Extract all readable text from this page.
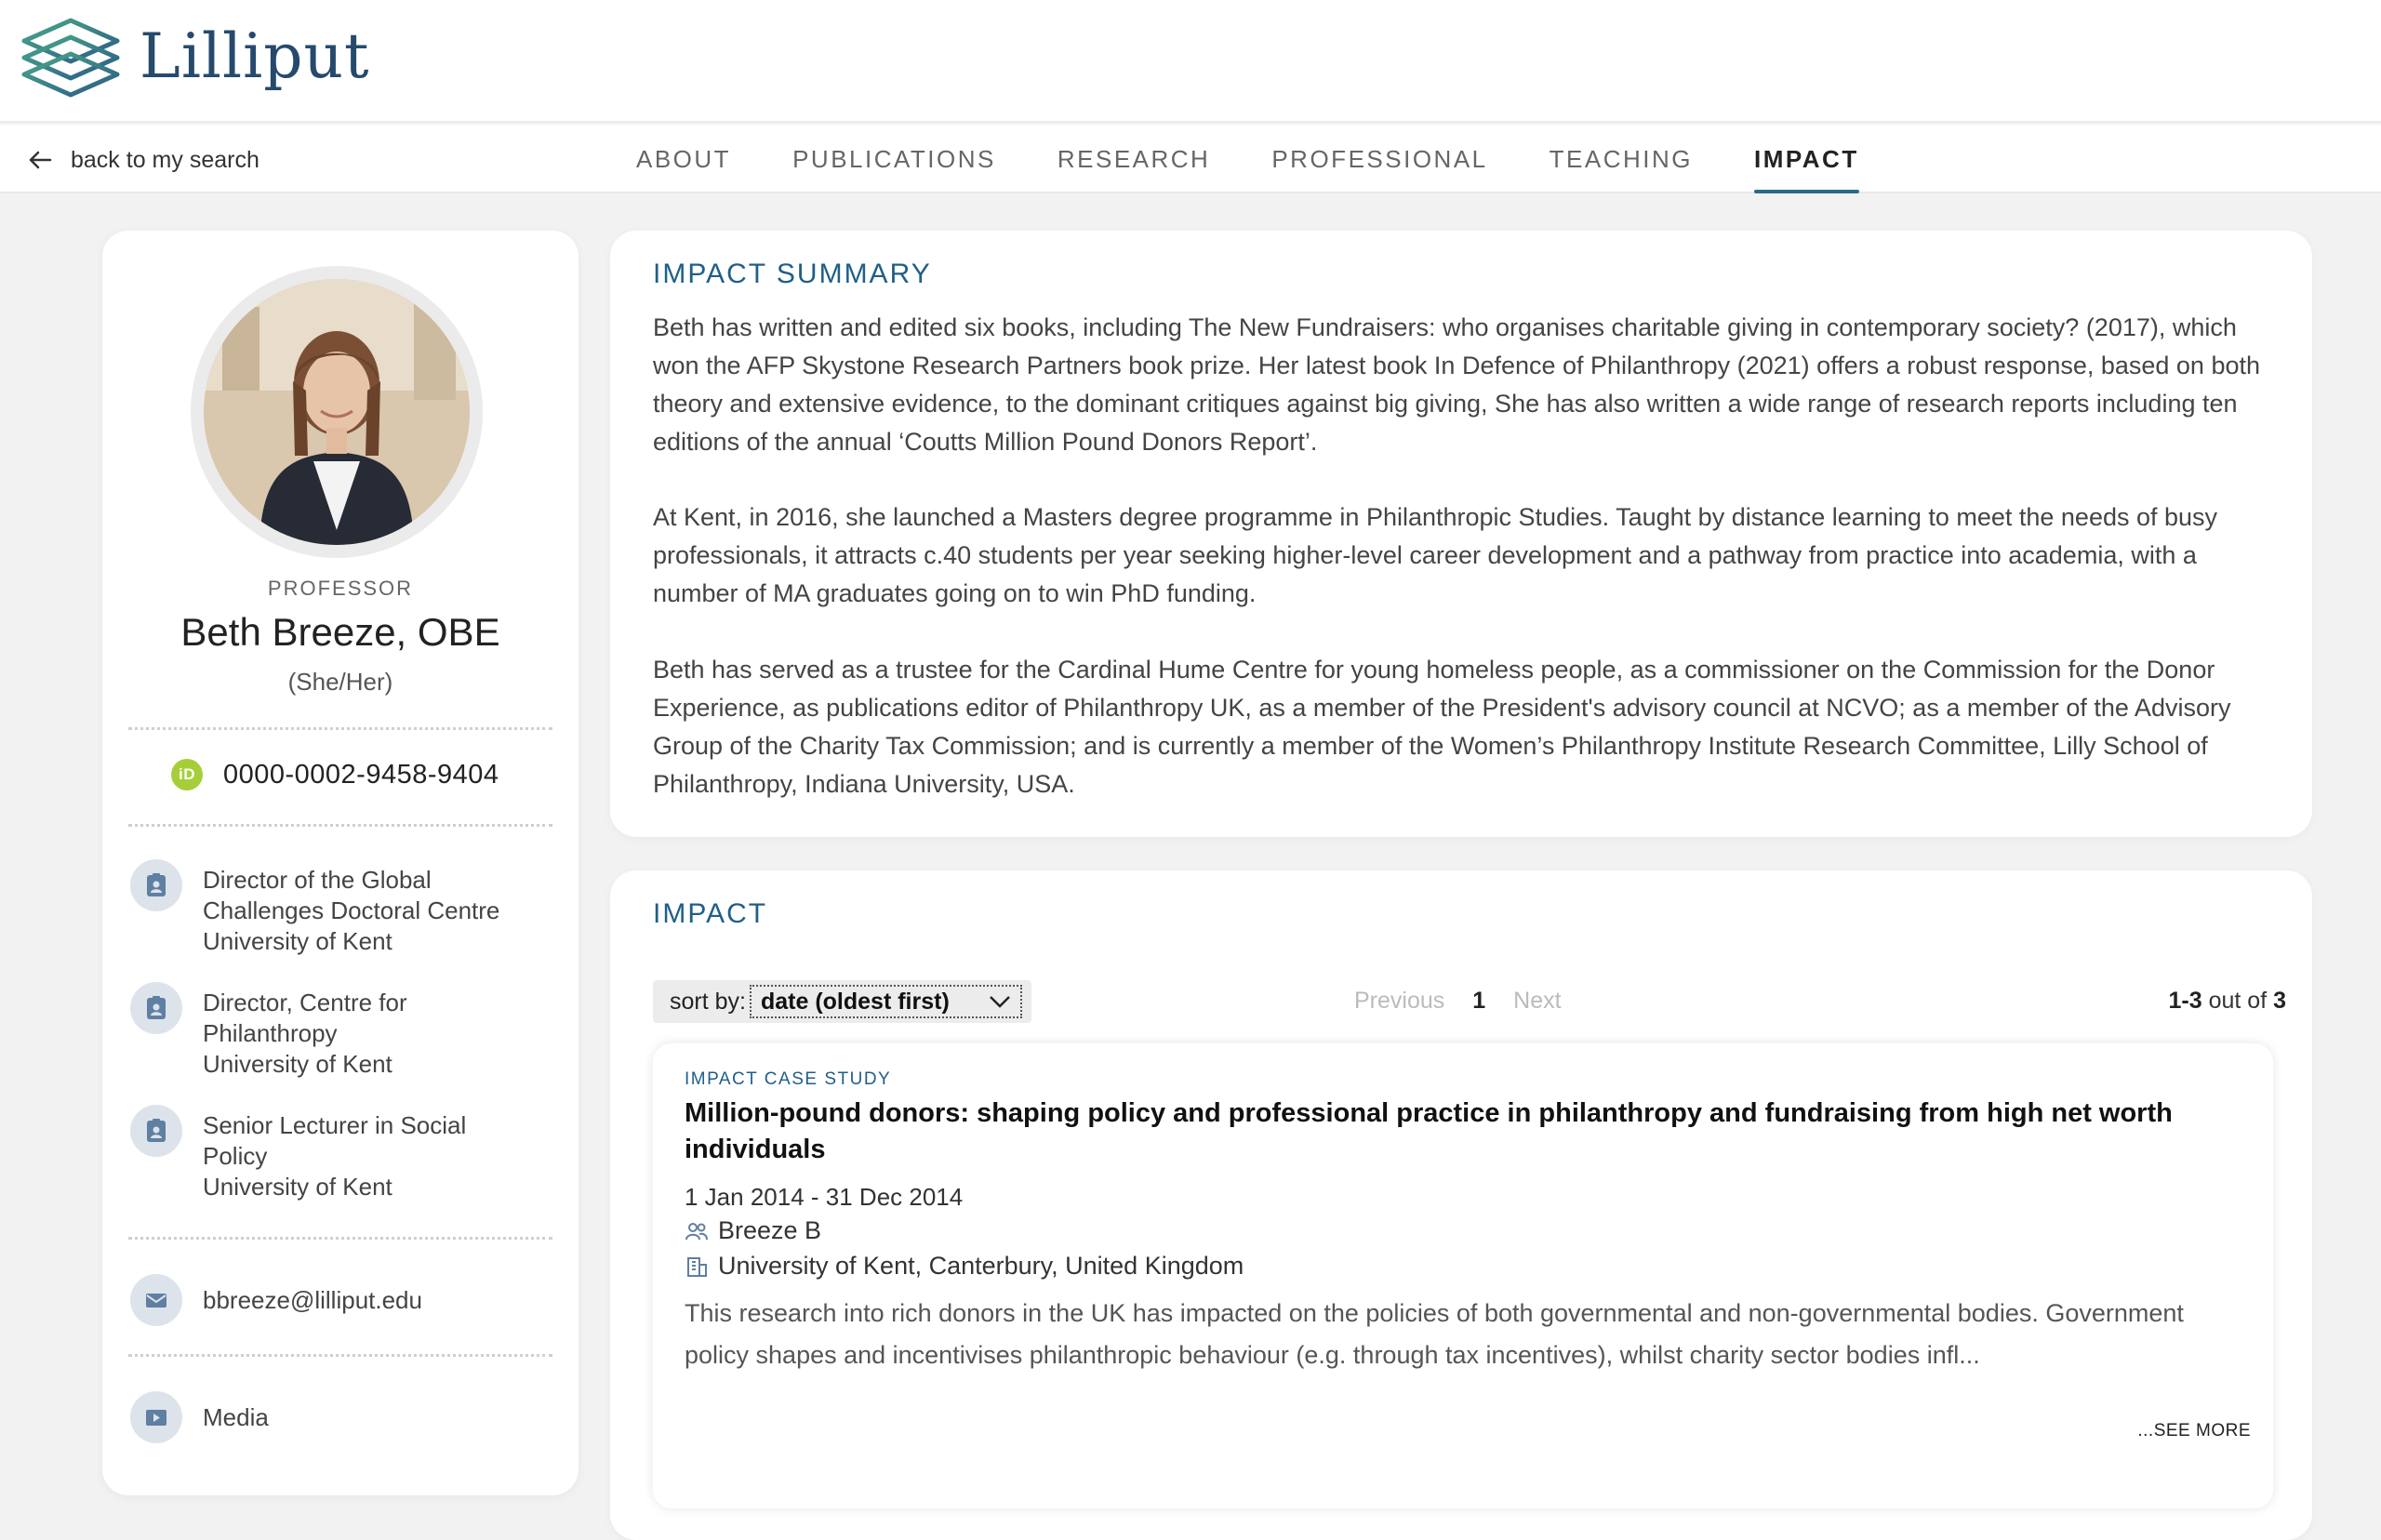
Lilliput
back to my search	ABOUT	PUBLICATIONS	RESEARCH	PROFESSIONAL	TEACHING	IMPACT
PROFESSOR
Beth Breeze, OBE
(She/Her)
iD 0000-0002-9458-9404
Director of the Global
Challenges Doctoral Centre
University of Kent
Director, Centre for
Philanthropy
University of Kent
Senior Lecturer in Social
Policy
University of Kent
bbreeze@lilliput.edu
Media
IMPACT SUMMARY

Beth has written and edited six books, including The New Fundraisers: who organises charitable giving in contemporary society? (2017), which won the AFP Skystone Research Partners book prize. Her latest book In Defence of Philanthropy (2021) offers a robust response, based on both theory and extensive evidence, to the dominant critiques against big giving, She has also written a wide range of research reports including ten editions of the annual ‘Coutts Million Pound Donors Report’.

At Kent, in 2016, she launched a Masters degree programme in Philanthropic Studies. Taught by distance learning to meet the needs of busy professionals, it attracts c.40 students per year seeking higher-level career development and a pathway from practice into academia, with a number of MA graduates going on to win PhD funding.

Beth has served as a trustee for the Cardinal Hume Centre for young homeless people, as a commissioner on the Commission for the Donor Experience, as publications editor of Philanthropy UK, as a member of the President's advisory council at NCVO; as a member of the Advisory Group of the Charity Tax Commission; and is currently a member of the Women’s Philanthropy Institute Research Committee, Lilly School of Philanthropy, Indiana University, USA.

IMPACT
sort by: date (oldest first)	Previous 1 Next	1-3 out of 3
IMPACT CASE STUDY
Million-pound donors: shaping policy and professional practice in philanthropy and fundraising from high net worth individuals
1 Jan 2014 - 31 Dec 2014
Breeze B
University of Kent, Canterbury, United Kingdom
This research into rich donors in the UK has impacted on the policies of both governmental and non-governmental bodies. Government policy shapes and incentivises philanthropic behaviour (e.g. through tax incentives), whilst charity sector bodies infl...
...SEE MORE
